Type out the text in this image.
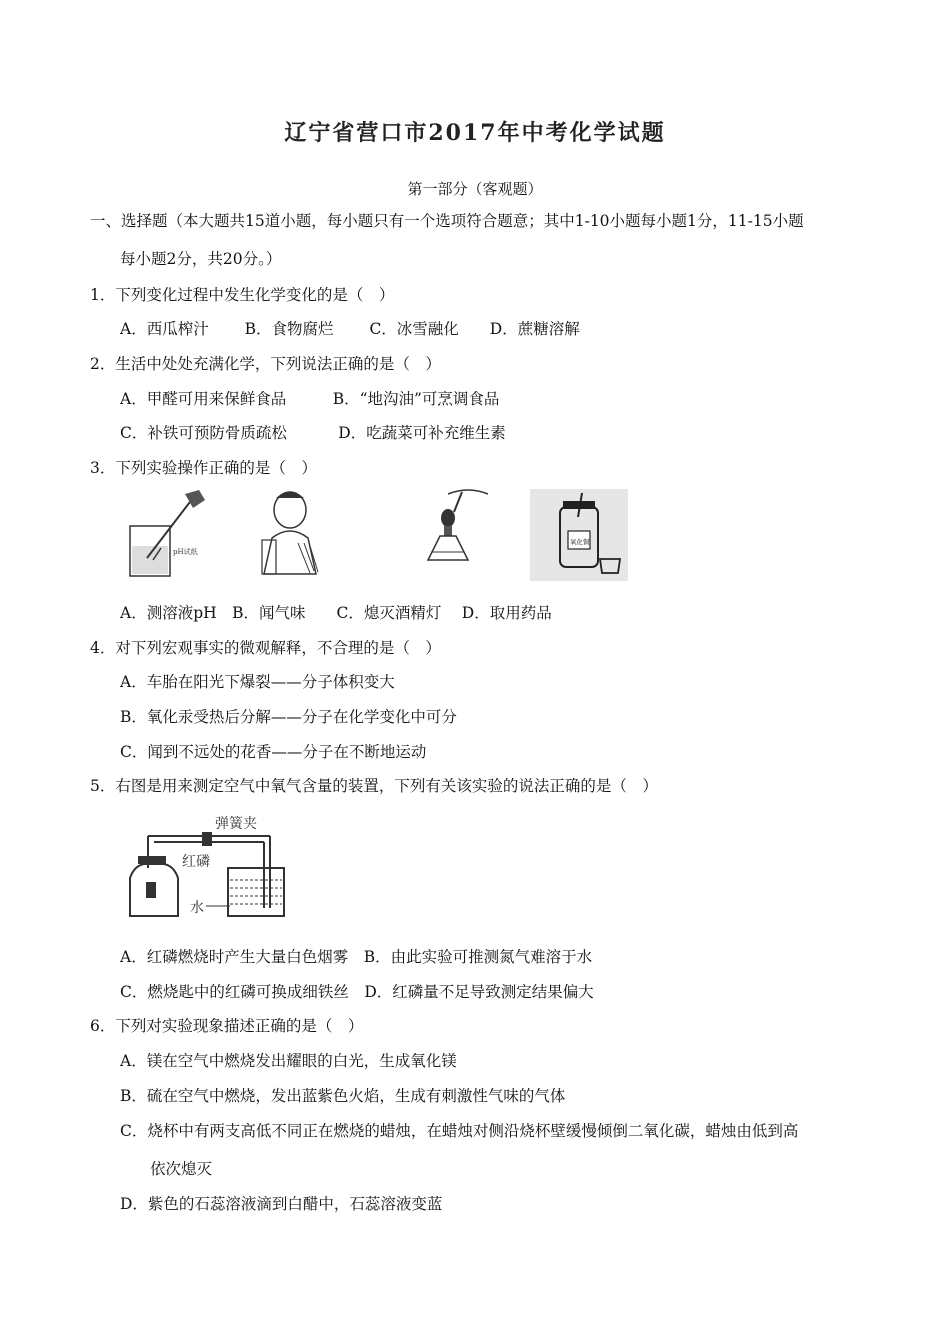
辽宁省营口市2017年中考化学试题
第一部分（客观题）
一、选择题（本大题共15道小题，每小题只有一个选项符合题意；其中1-10小题每小题1分，11-15小题
每小题2分，共20分。）
1．下列变化过程中发生化学变化的是（　）
A．西瓜榨汁　　 B．食物腐烂　　 C．冰雪融化　　D．蔗糖溶解
2．生活中处处充满化学，下列说法正确的是（　）
A．甲醛可用来保鲜食品　　　B．“地沟油”可烹调食品
C．补铁可预防骨质疏松　　　 D．吃蔬菜可补充维生素
3．下列实验操作正确的是（　）
pH试纸
氧化铜
A．测溶液pH　B．闻气味　　C．熄灭酒精灯　 D．取用药品
4．对下列宏观事实的微观解释，不合理的是（　）
A．车胎在阳光下爆裂——分子体积变大
B．氧化汞受热后分解——分子在化学变化中可分
C．闻到不远处的花香——分子在不断地运动
5．右图是用来测定空气中氧气含量的装置，下列有关该实验的说法正确的是（　）
弹簧夹
红磷
水
A．红磷燃烧时产生大量白色烟雾　B．由此实验可推测氮气难溶于水
C．燃烧匙中的红磷可换成细铁丝　D．红磷量不足导致测定结果偏大
6．下列对实验现象描述正确的是（　）
A．镁在空气中燃烧发出耀眼的白光，生成氧化镁
B．硫在空气中燃烧，发出蓝紫色火焰，生成有刺激性气味的气体
C．烧杯中有两支高低不同正在燃烧的蜡烛，在蜡烛对侧沿烧杯壁缓慢倾倒二氧化碳，蜡烛由低到高
依次熄灭
D．紫色的石蕊溶液滴到白醋中，石蕊溶液变蓝
